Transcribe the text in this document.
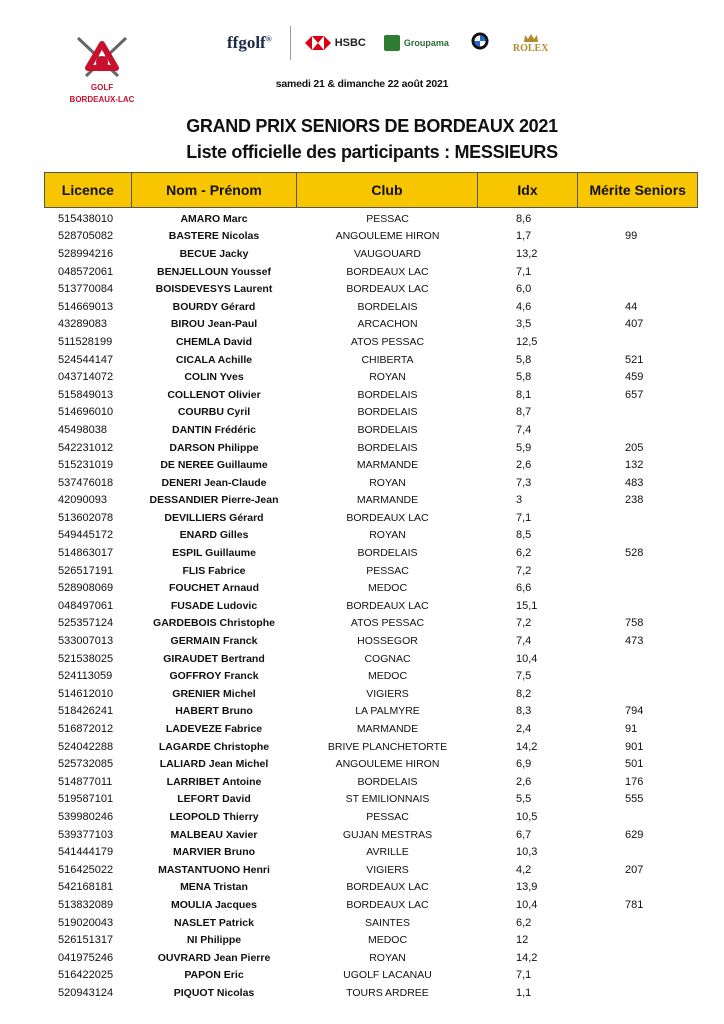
GOLF
BORDEAUX-LAC
ffgolf®	HSBC	Groupama	ROLEX
samedi 21 & dimanche 22 août 2021
GRAND PRIX SENIORS DE BORDEAUX 2021
Liste officielle des participants : MESSIEURS
Licence	Nom - Prénom	Club	Idx	Mérite Seniors
515438010	AMARO Marc	PESSAC	8,6
528705082	BASTERE Nicolas	ANGOULEME HIRON	1,7	99
528994216	BECUE Jacky	VAUGOUARD	13,2
048572061	BENJELLOUN Youssef	BORDEAUX LAC	7,1
513770084	BOISDEVESYS Laurent	BORDEAUX LAC	6,0
514669013	BOURDY Gérard	BORDELAIS	4,6	44
43289083	BIROU Jean-Paul	ARCACHON	3,5	407
511528199	CHEMLA David	ATOS PESSAC	12,5
524544147	CICALA Achille	CHIBERTA	5,8	521
043714072	COLIN Yves	ROYAN	5,8	459
515849013	COLLENOT Olivier	BORDELAIS	8,1	657
514696010	COURBU Cyril	BORDELAIS	8,7
45498038	DANTIN Frédéric	BORDELAIS	7,4
542231012	DARSON Philippe	BORDELAIS	5,9	205
515231019	DE NEREE Guillaume	MARMANDE	2,6	132
537476018	DENERI Jean-Claude	ROYAN	7,3	483
42090093	DESSANDIER Pierre-Jean	MARMANDE	3	238
513602078	DEVILLIERS Gérard	BORDEAUX LAC	7,1
549445172	ENARD Gilles	ROYAN	8,5
514863017	ESPIL Guillaume	BORDELAIS	6,2	528
526517191	FLIS Fabrice	PESSAC	7,2
528908069	FOUCHET Arnaud	MEDOC	6,6
048497061	FUSADE Ludovic	BORDEAUX LAC	15,1
525357124	GARDEBOIS Christophe	ATOS PESSAC	7,2	758
533007013	GERMAIN Franck	HOSSEGOR	7,4	473
521538025	GIRAUDET Bertrand	COGNAC	10,4
524113059	GOFFROY Franck	MEDOC	7,5
514612010	GRENIER Michel	VIGIERS	8,2
518426241	HABERT Bruno	LA PALMYRE	8,3	794
516872012	LADEVEZE Fabrice	MARMANDE	2,4	91
524042288	LAGARDE Christophe	BRIVE PLANCHETORTE	14,2	901
525732085	LALIARD Jean Michel	ANGOULEME HIRON	6,9	501
514877011	LARRIBET Antoine	BORDELAIS	2,6	176
519587101	LEFORT David	ST EMILIONNAIS	5,5	555
539980246	LEOPOLD Thierry	PESSAC	10,5
539377103	MALBEAU Xavier	GUJAN MESTRAS	6,7	629
541444179	MARVIER Bruno	AVRILLE	10,3
516425022	MASTANTUONO Henri	VIGIERS	4,2	207
542168181	MENA Tristan	BORDEAUX LAC	13,9
513832089	MOULIA Jacques	BORDEAUX LAC	10,4	781
519020043	NASLET Patrick	SAINTES	6,2
526151317	NI Philippe	MEDOC	12
041975246	OUVRARD Jean Pierre	ROYAN	14,2
516422025	PAPON Eric	UGOLF LACANAU	7,1
520943124	PIQUOT Nicolas	TOURS ARDREE	1,1
